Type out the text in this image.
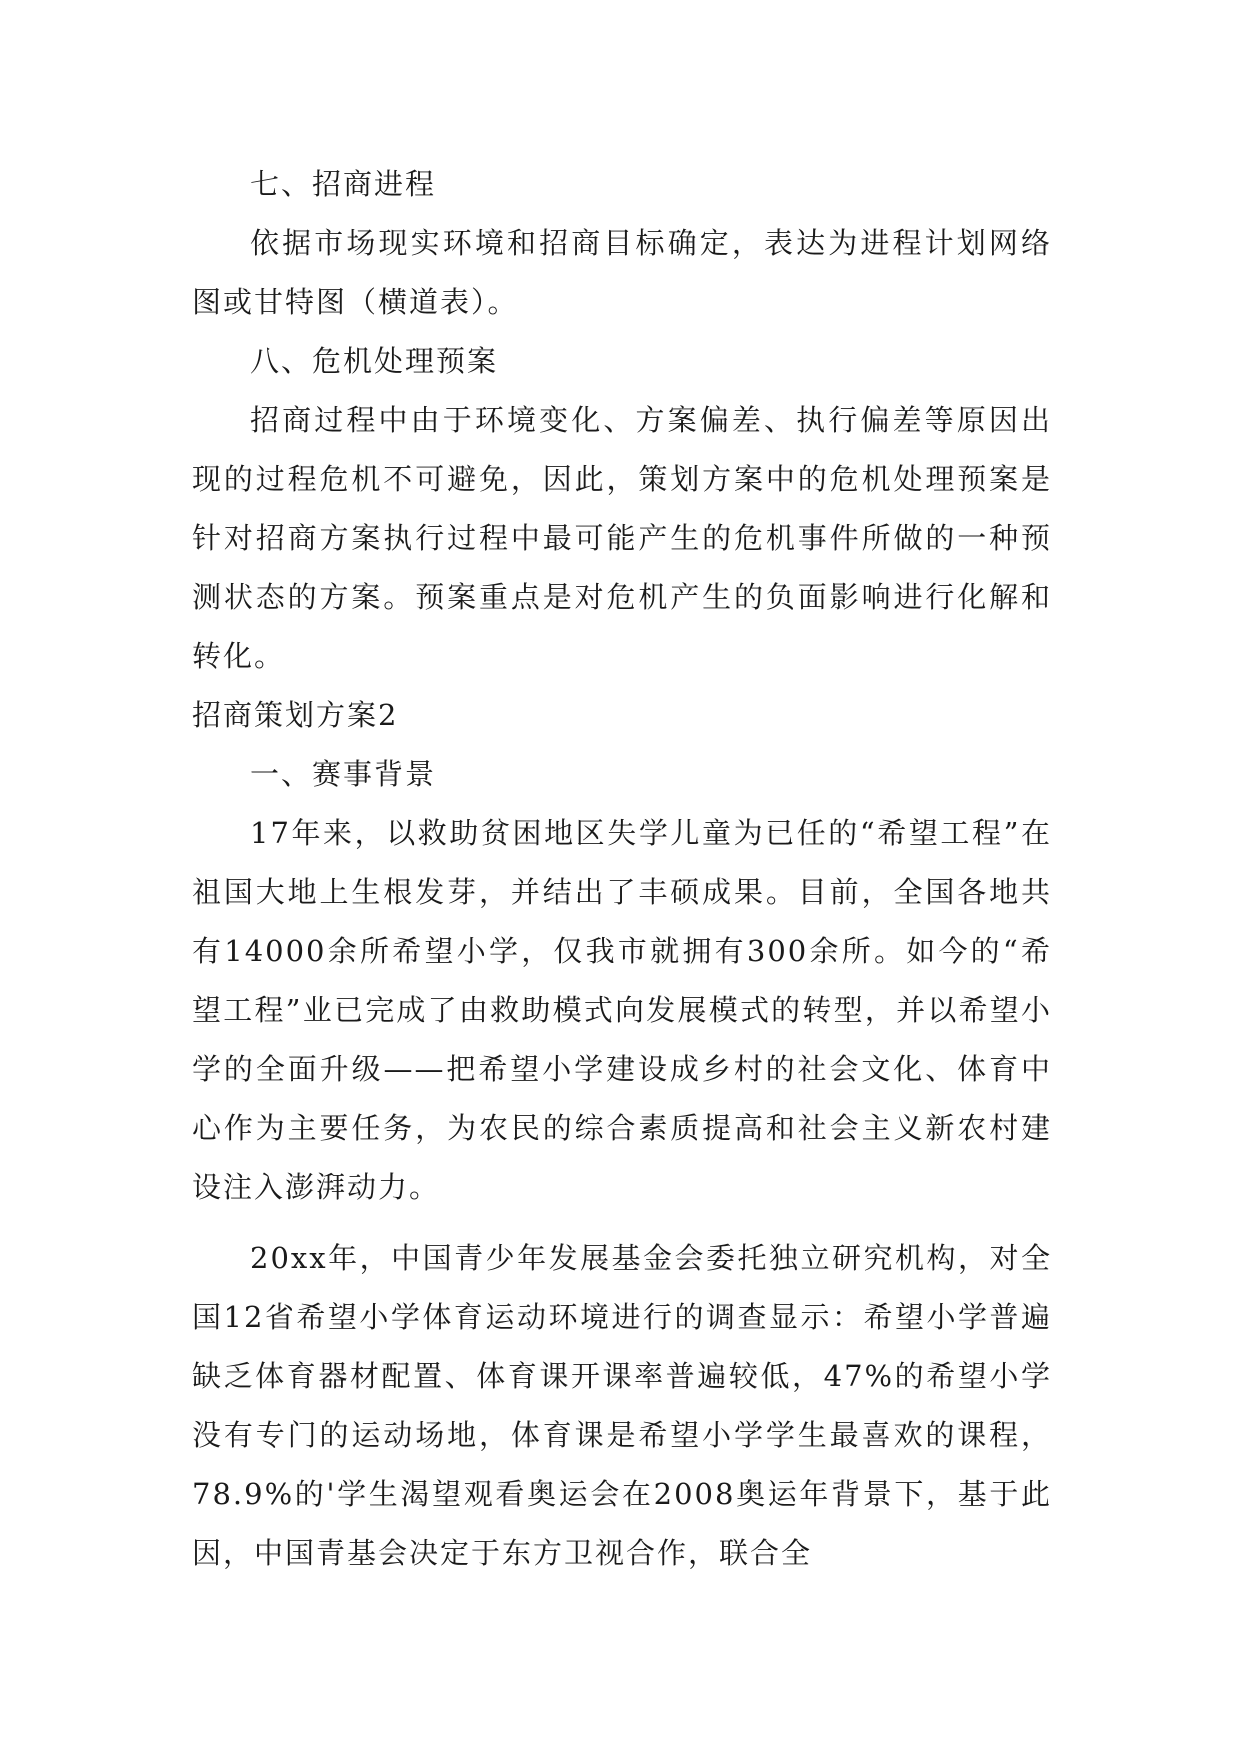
七、招商进程

依据市场现实环境和招商目标确定，表达为进程计划网络图或甘特图（横道表）。

八、危机处理预案

招商过程中由于环境变化、方案偏差、执行偏差等原因出现的过程危机不可避免，因此，策划方案中的危机处理预案是针对招商方案执行过程中最可能产生的危机事件所做的一种预测状态的方案。预案重点是对危机产生的负面影响进行化解和转化。

招商策划方案2

一、赛事背景

17年来，以救助贫困地区失学儿童为已任的“希望工程”在祖国大地上生根发芽，并结出了丰硕成果。目前，全国各地共有14000余所希望小学，仅我市就拥有300余所。如今的“希望工程”业已完成了由救助模式向发展模式的转型，并以希望小学的全面升级——把希望小学建设成乡村的社会文化、体育中心作为主要任务，为农民的综合素质提高和社会主义新农村建设注入澎湃动力。

20xx年，中国青少年发展基金会委托独立研究机构，对全国12省希望小学体育运动环境进行的调查显示：希望小学普遍缺乏体育器材配置、体育课开课率普遍较低，47%的希望小学没有专门的运动场地，体育课是希望小学学生最喜欢的课程，78.9%的'学生渴望观看奥运会在2008奥运年背景下，基于此因，中国青基会决定于东方卫视合作，联合全
